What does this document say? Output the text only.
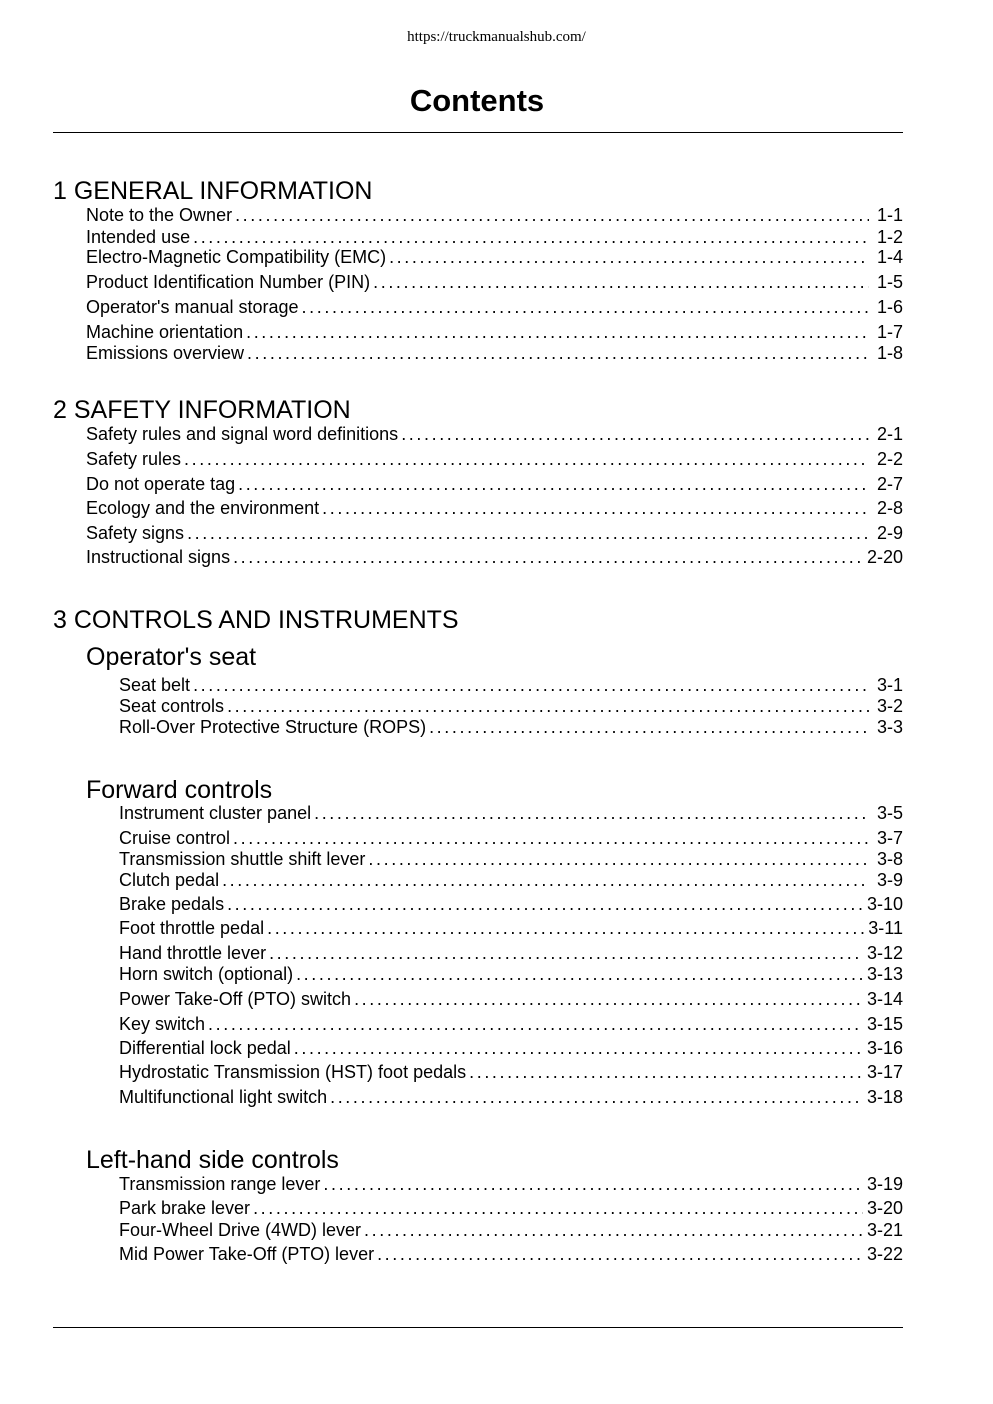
https://truckmanualshub.com/
Contents
1 GENERAL INFORMATION
Note to the Owner .....	1-1
Intended use .....	1-2
Electro-Magnetic Compatibility (EMC) .....	1-4
Product Identification Number (PIN) .....	1-5
Operator's manual storage .....	1-6
Machine orientation .....	1-7
Emissions overview .....	1-8
2 SAFETY INFORMATION
Safety rules and signal word definitions .....	2-1
Safety rules .....	2-2
Do not operate tag .....	2-7
Ecology and the environment .....	2-8
Safety signs .....	2-9
Instructional signs .....	2-20
3 CONTROLS AND INSTRUMENTS
Operator's seat
Seat belt .....	3-1
Seat controls .....	3-2
Roll-Over Protective Structure (ROPS) .....	3-3
Forward controls
Instrument cluster panel .....	3-5
Cruise control .....	3-7
Transmission shuttle shift lever .....	3-8
Clutch pedal .....	3-9
Brake pedals .....	3-10
Foot throttle pedal .....	3-11
Hand throttle lever .....	3-12
Horn switch (optional) .....	3-13
Power Take-Off (PTO) switch .....	3-14
Key switch .....	3-15
Differential lock pedal .....	3-16
Hydrostatic Transmission (HST) foot pedals .....	3-17
Multifunctional light switch .....	3-18
Left-hand side controls
Transmission range lever .....	3-19
Park brake lever .....	3-20
Four-Wheel Drive (4WD) lever .....	3-21
Mid Power Take-Off (PTO) lever .....	3-22
